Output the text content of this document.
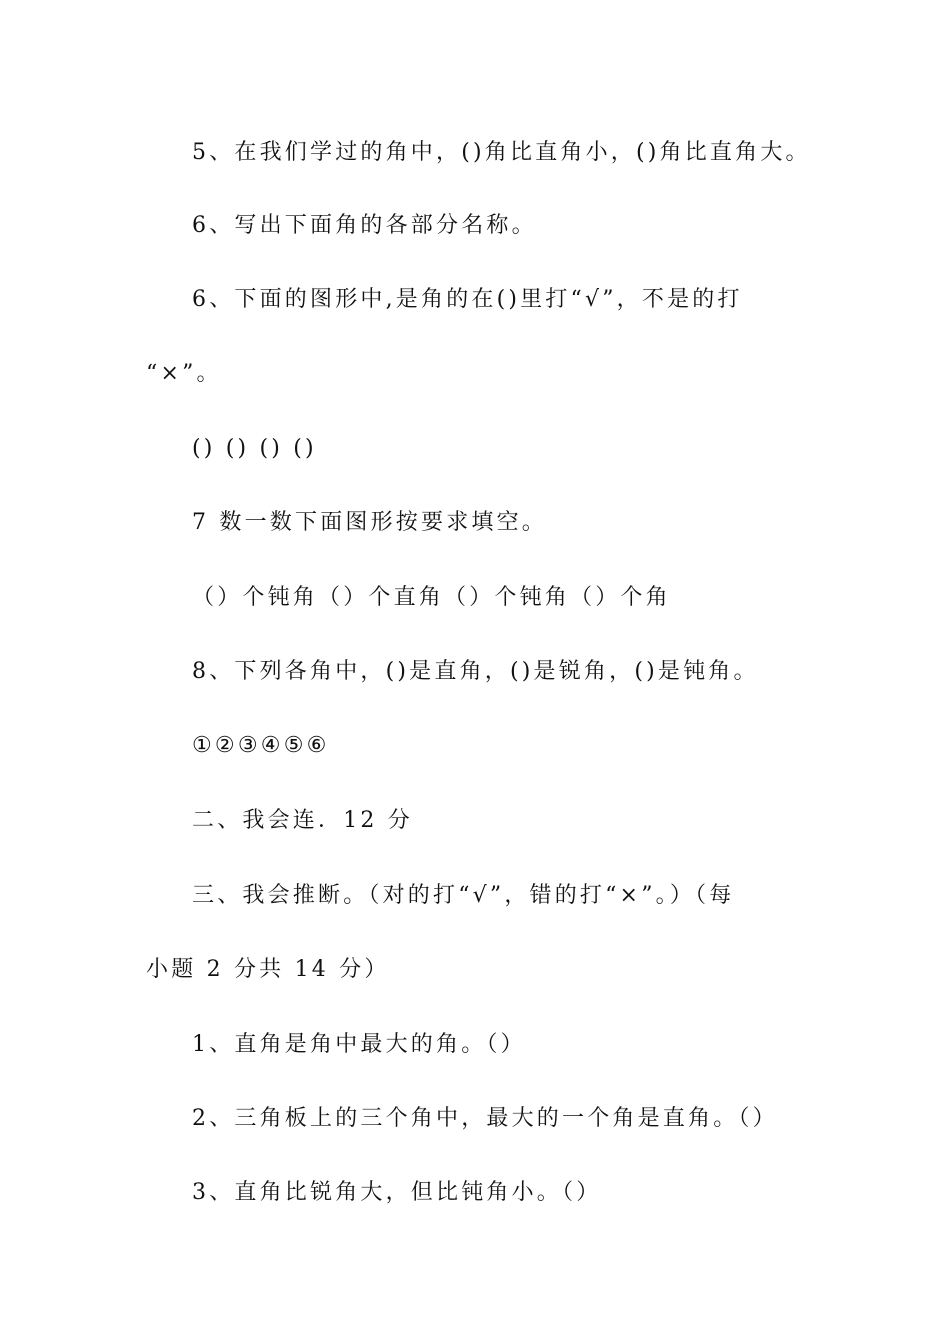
5、在我们学过的角中，()角比直角小，()角比直角大。
6、写出下面角的各部分名称。
6、下面的图形中,是角的在()里打“√”，不是的打
“×”。
() () () ()
7 数一数下面图形按要求填空。
（）个钝角（）个直角（）个钝角（）个角
8、下列各角中，()是直角，()是锐角，()是钝角。
①②③④⑤⑥
二、我会连．12 分
三、我会推断。（对的打“√”，错的打“×”。）（每
小题 2 分共 14 分）
1、直角是角中最大的角。（）
2、三角板上的三个角中，最大的一个角是直角。（）
3、直角比锐角大，但比钝角小。（）
